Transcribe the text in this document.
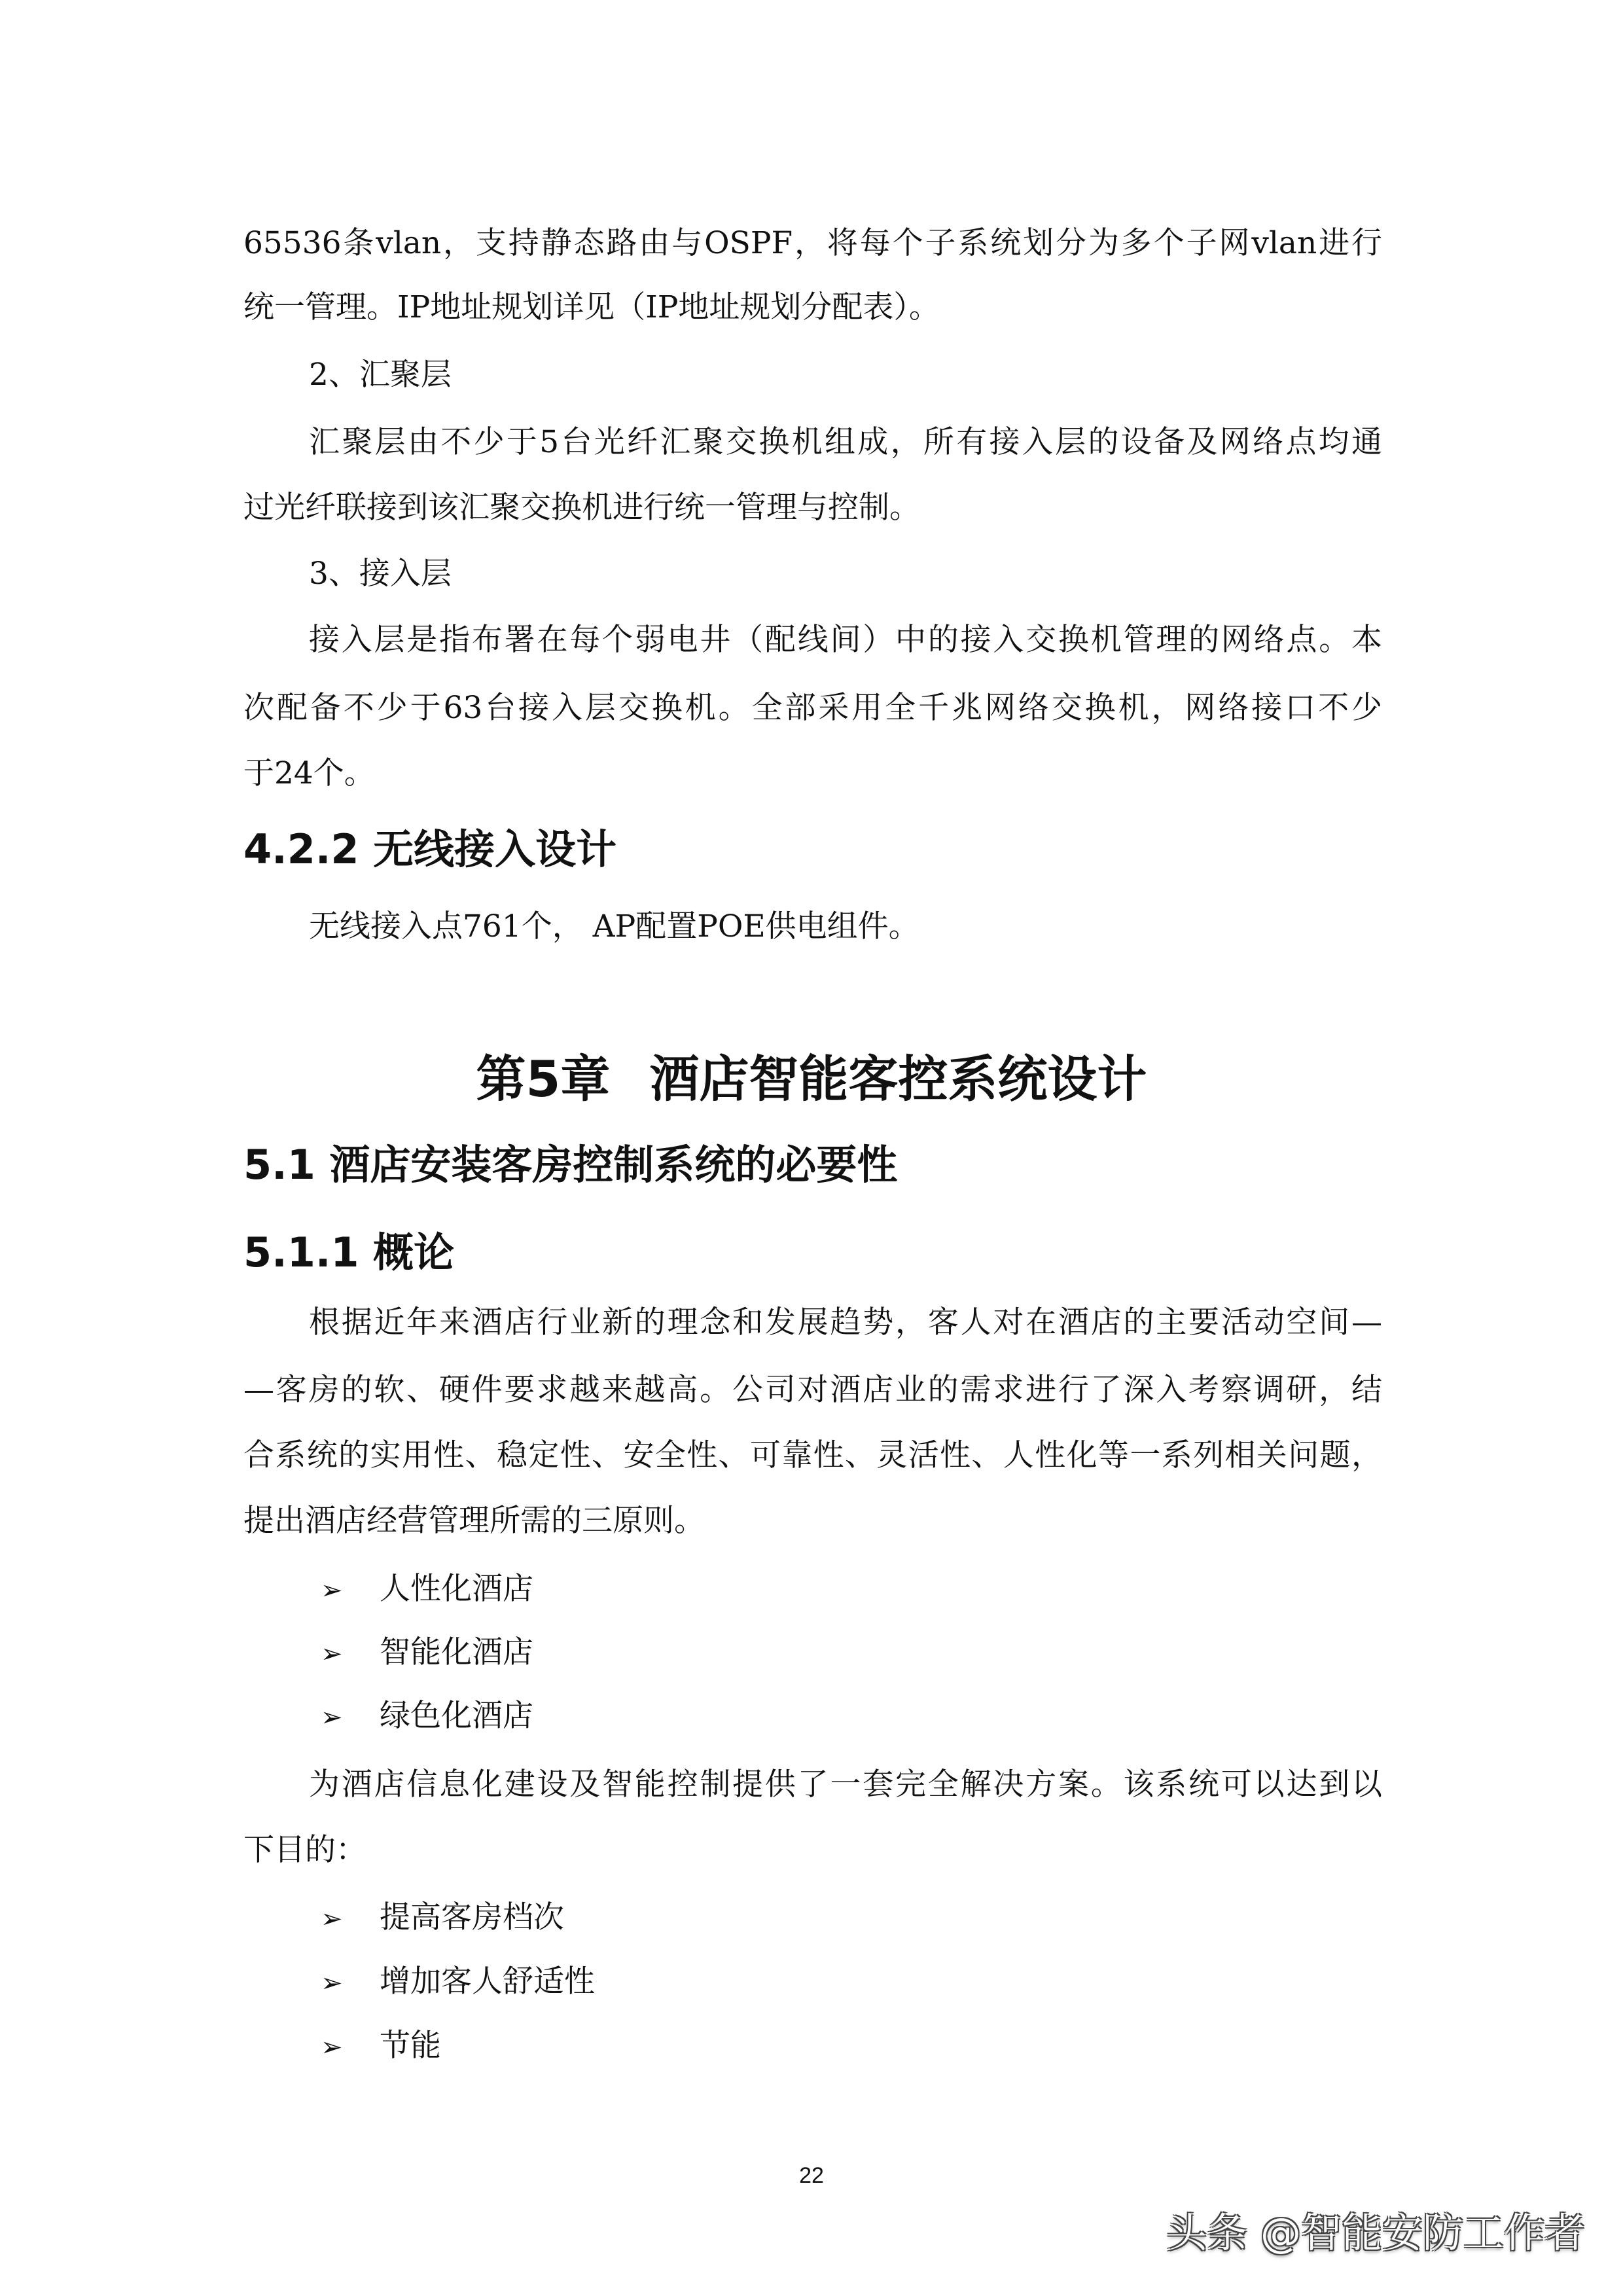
65536条vlan，支持静态路由与OSPF，将每个子系统划分为多个子网vlan进行
统一管理。IP地址规划详见（IP地址规划分配表）。
2、汇聚层
汇聚层由不少于5台光纤汇聚交换机组成，所有接入层的设备及网络点均通
过光纤联接到该汇聚交换机进行统一管理与控制。
3、接入层
接入层是指布署在每个弱电井（配线间）中的接入交换机管理的网络点。本
次配备不少于63台接入层交换机。全部采用全千兆网络交换机，网络接口不少
于24个。
4.2.2 无线接入设计
无线接入点761个， AP配置POE供电组件。
第5章 酒店智能客控系统设计
5.1 酒店安装客房控制系统的必要性
5.1.1 概论
根据近年来酒店行业新的理念和发展趋势，客人对在酒店的主要活动空间—
—客房的软、硬件要求越来越高。公司对酒店业的需求进行了深入考察调研，结
合系统的实用性、稳定性、安全性、可靠性、灵活性、人性化等一系列相关问题，
提出酒店经营管理所需的三原则。
➢ 人性化酒店
➢ 智能化酒店
➢ 绿色化酒店
为酒店信息化建设及智能控制提供了一套完全解决方案。该系统可以达到以
下目的：
➢ 提高客房档次
➢ 增加客人舒适性
➢ 节能
22
头条 @智能安防工作者
